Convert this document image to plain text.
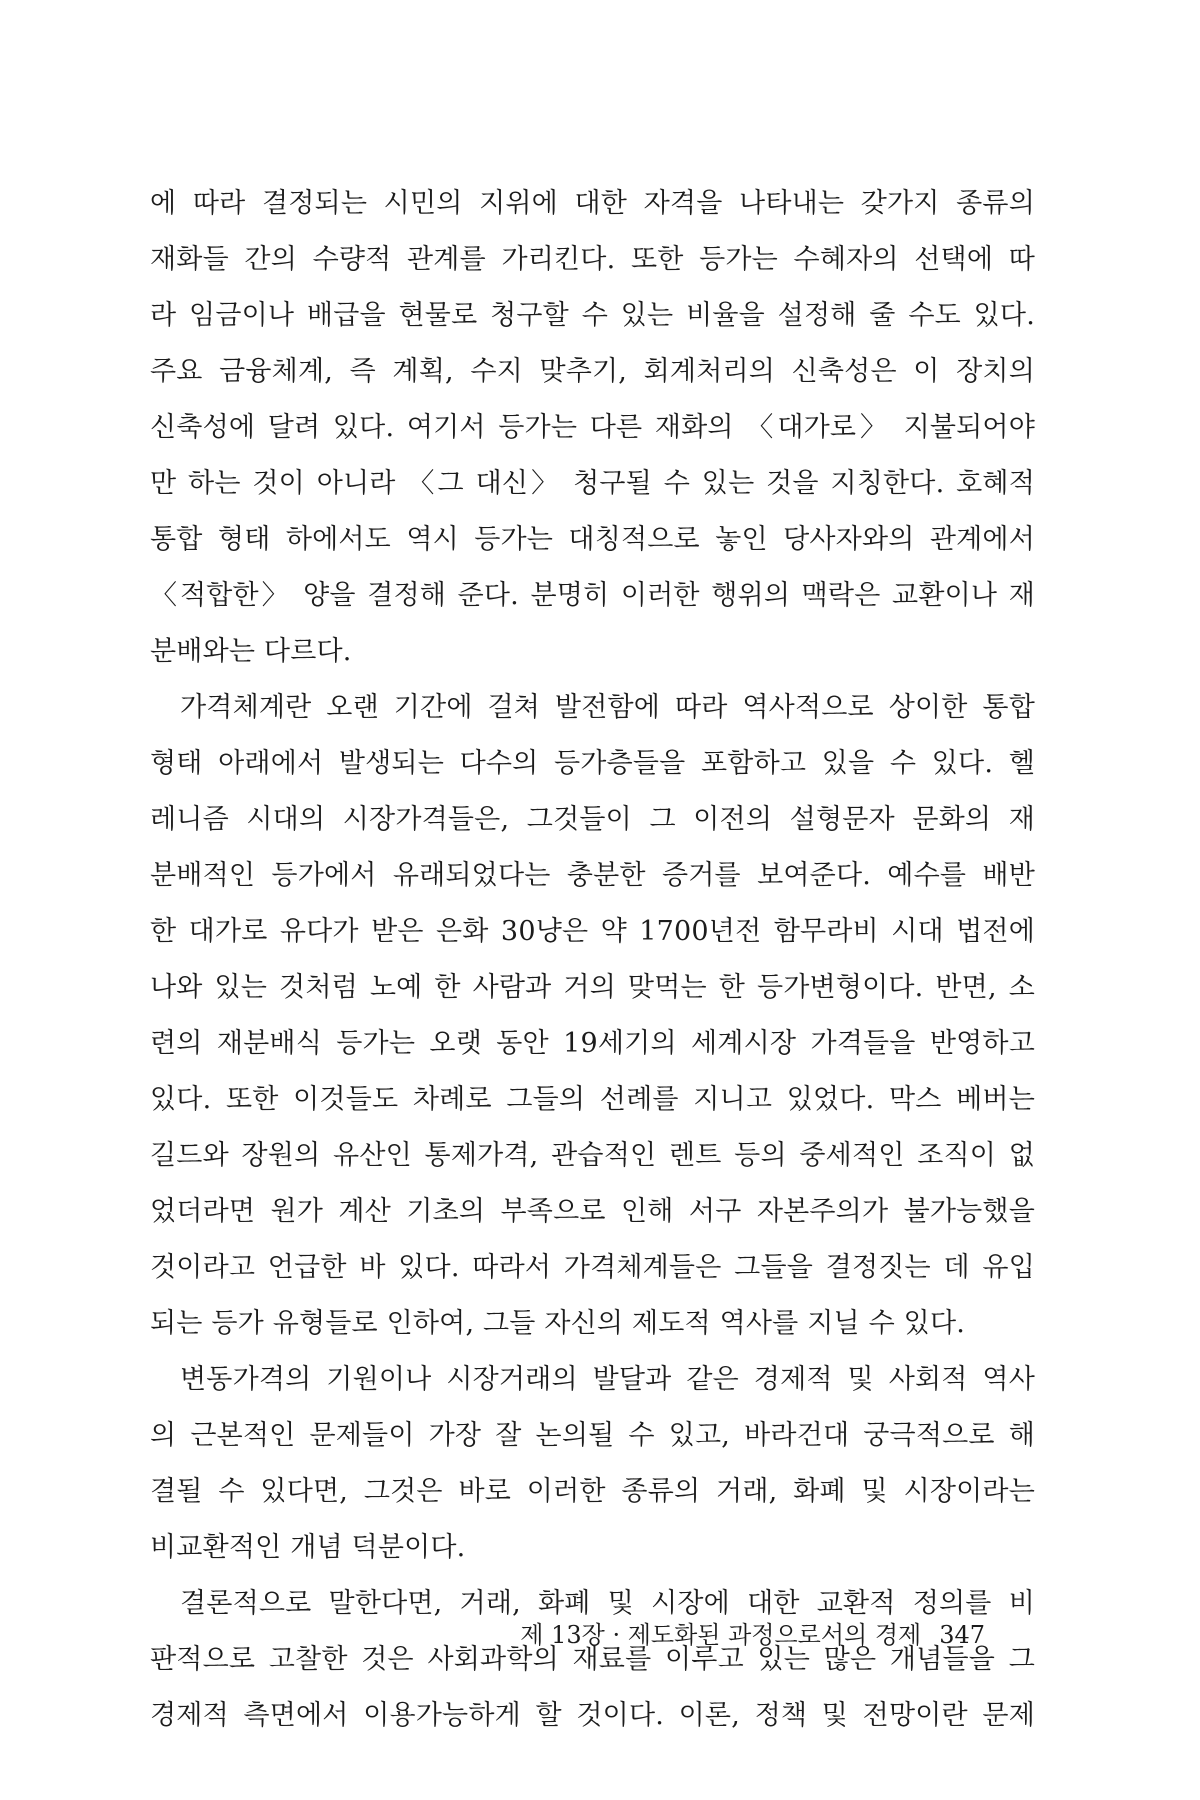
에 따라 결정되는 시민의 지위에 대한 자격을 나타내는 갖가지 종류의
재화들 간의 수량적 관계를 가리킨다. 또한 등가는 수혜자의 선택에 따
라 임금이나 배급을 현물로 청구할 수 있는 비율을 설정해 줄 수도 있다.
주요 금융체계, 즉 계획, 수지 맞추기, 회계처리의 신축성은 이 장치의
신축성에 달려 있다. 여기서 등가는 다른 재화의 〈대가로〉 지불되어야
만 하는 것이 아니라 〈그 대신〉 청구될 수 있는 것을 지칭한다. 호혜적
통합 형태 하에서도 역시 등가는 대칭적으로 놓인 당사자와의 관계에서
〈적합한〉 양을 결정해 준다. 분명히 이러한 행위의 맥락은 교환이나 재
분배와는 다르다.
가격체계란 오랜 기간에 걸쳐 발전함에 따라 역사적으로 상이한 통합
형태 아래에서 발생되는 다수의 등가층들을 포함하고 있을 수 있다. 헬
레니즘 시대의 시장가격들은, 그것들이 그 이전의 설형문자 문화의 재
분배적인 등가에서 유래되었다는 충분한 증거를 보여준다. 예수를 배반
한 대가로 유다가 받은 은화 30냥은 약 1700년전 함무라비 시대 법전에
나와 있는 것처럼 노예 한 사람과 거의 맞먹는 한 등가변형이다. 반면, 소
련의 재분배식 등가는 오랫 동안 19세기의 세계시장 가격들을 반영하고
있다. 또한 이것들도 차례로 그들의 선례를 지니고 있었다. 막스 베버는
길드와 장원의 유산인 통제가격, 관습적인 렌트 등의 중세적인 조직이 없
었더라면 원가 계산 기초의 부족으로 인해 서구 자본주의가 불가능했을
것이라고 언급한 바 있다. 따라서 가격체계들은 그들을 결정짓는 데 유입
되는 등가 유형들로 인하여, 그들 자신의 제도적 역사를 지닐 수 있다.
변동가격의 기원이나 시장거래의 발달과 같은 경제적 및 사회적 역사
의 근본적인 문제들이 가장 잘 논의될 수 있고, 바라건대 궁극적으로 해
결될 수 있다면, 그것은 바로 이러한 종류의 거래, 화폐 및 시장이라는
비교환적인 개념 덕분이다.
결론적으로 말한다면, 거래, 화폐 및 시장에 대한 교환적 정의를 비
판적으로 고찰한 것은 사회과학의 재료를 이루고 있는 많은 개념들을 그
경제적 측면에서 이용가능하게 할 것이다. 이론, 정책 및 전망이란 문제
제 13장 · 제도화된 과정으로서의 경제 347
